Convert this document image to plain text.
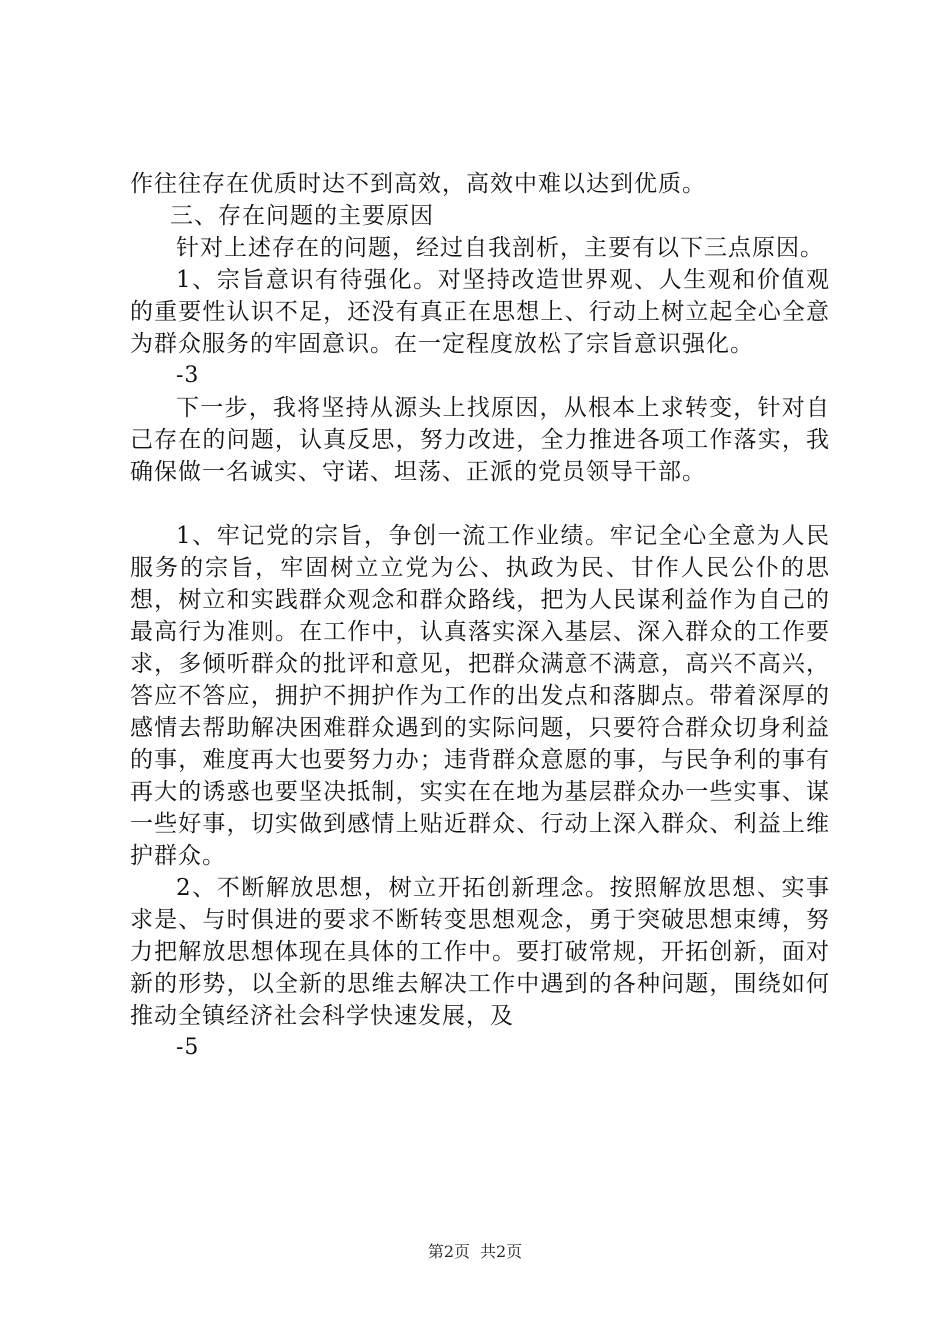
作往往存在优质时达不到高效，高效中难以达到优质。

三、存在问题的主要原因

针对上述存在的问题，经过自我剖析，主要有以下三点原因。

1、宗旨意识有待强化。对坚持改造世界观、人生观和价值观的重要性认识不足，还没有真正在思想上、行动上树立起全心全意为群众服务的牢固意识。在一定程度放松了宗旨意识强化。

-3

下一步，我将坚持从源头上找原因，从根本上求转变，针对自己存在的问题，认真反思，努力改进，全力推进各项工作落实，我确保做一名诚实、守诺、坦荡、正派的党员领导干部。

1、牢记党的宗旨，争创一流工作业绩。牢记全心全意为人民服务的宗旨，牢固树立立党为公、执政为民、甘作人民公仆的思想，树立和实践群众观念和群众路线，把为人民谋利益作为自己的最高行为准则。在工作中，认真落实深入基层、深入群众的工作要求，多倾听群众的批评和意见，把群众满意不满意，高兴不高兴，答应不答应，拥护不拥护作为工作的出发点和落脚点。带着深厚的感情去帮助解决困难群众遇到的实际问题，只要符合群众切身利益的事，难度再大也要努力办；违背群众意愿的事，与民争利的事有再大的诱惑也要坚决抵制，实实在在地为基层群众办一些实事、谋一些好事，切实做到感情上贴近群众、行动上深入群众、利益上维护群众。

2、不断解放思想，树立开拓创新理念。按照解放思想、实事求是、与时俱进的要求不断转变思想观念，勇于突破思想束缚，努力把解放思想体现在具体的工作中。要打破常规，开拓创新，面对新的形势，以全新的思维去解决工作中遇到的各种问题，围绕如何推动全镇经济社会科学快速发展，及

-5

第2页 共2页
